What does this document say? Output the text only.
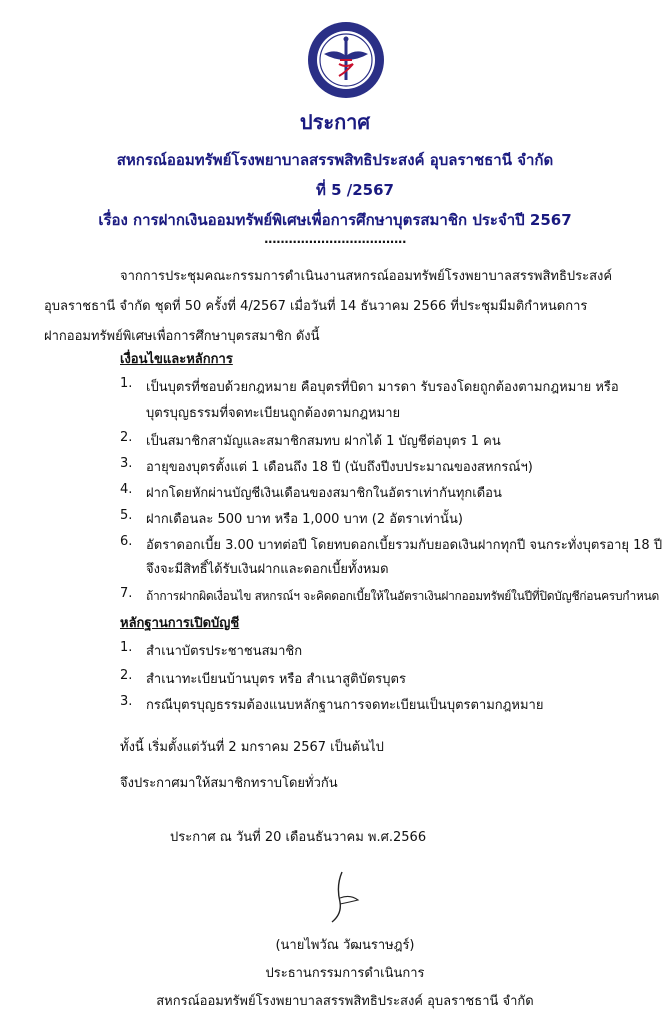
ประกาศ
สหกรณ์ออมทรัพย์โรงพยาบาลสรรพสิทธิประสงค์ อุบลราชธานี จำกัด
ที่ 5 /2567
เรื่อง การฝากเงินออมทรัพย์พิเศษเพื่อการศึกษาบุตรสมาชิก ประจำปี 2567
...................................
จากการประชุมคณะกรรมการดำเนินงานสหกรณ์ออมทรัพย์โรงพยาบาลสรรพสิทธิประสงค์
อุบลราชธานี จำกัด ชุดที่ 50 ครั้งที่ 4/2567 เมื่อวันที่ 14 ธันวาคม 2566 ที่ประชุมมีมติกำหนดการ
ฝากออมทรัพย์พิเศษเพื่อการศึกษาบุตรสมาชิก ดังนี้
เงื่อนไขและหลักการ
1. เป็นบุตรที่ชอบด้วยกฎหมาย คือบุตรที่บิดา มารดา รับรองโดยถูกต้องตามกฎหมาย หรือ
บุตรบุญธรรมที่จดทะเบียนถูกต้องตามกฎหมาย
2. เป็นสมาชิกสามัญและสมาชิกสมทบ ฝากได้ 1 บัญชีต่อบุตร 1 คน
3. อายุของบุตรตั้งแต่ 1 เดือนถึง 18 ปี (นับถึงปีงบประมาณของสหกรณ์ฯ)
4. ฝากโดยหักผ่านบัญชีเงินเดือนของสมาชิกในอัตราเท่ากันทุกเดือน
5. ฝากเดือนละ 500 บาท หรือ 1,000 บาท (2 อัตราเท่านั้น)
6. อัตราดอกเบี้ย 3.00 บาทต่อปี โดยทบดอกเบี้ยรวมกับยอดเงินฝากทุกปี จนกระทั่งบุตรอายุ 18 ปี
จึงจะมีสิทธิ์ได้รับเงินฝากและดอกเบี้ยทั้งหมด
7. ถ้าการฝากผิดเงื่อนไข สหกรณ์ฯ จะคิดดอกเบี้ยให้ในอัตราเงินฝากออมทรัพย์ในปีที่ปิดบัญชีก่อนครบกำหนด
หลักฐานการเปิดบัญชี
1. สำเนาบัตรประชาชนสมาชิก
2. สำเนาทะเบียนบ้านบุตร หรือ สำเนาสูติบัตรบุตร
3. กรณีบุตรบุญธรรมต้องแนบหลักฐานการจดทะเบียนเป็นบุตรตามกฎหมาย
ทั้งนี้ เริ่มตั้งแต่วันที่ 2 มกราคม 2567 เป็นต้นไป
จึงประกาศมาให้สมาชิกทราบโดยทั่วกัน
ประกาศ ณ วันที่ 20 เดือนธันวาคม พ.ศ.2566
(นายไพวัณ วัฒนราษฎร์)
ประธานกรรมการดำเนินการ
สหกรณ์ออมทรัพย์โรงพยาบาลสรรพสิทธิประสงค์ อุบลราชธานี จำกัด
